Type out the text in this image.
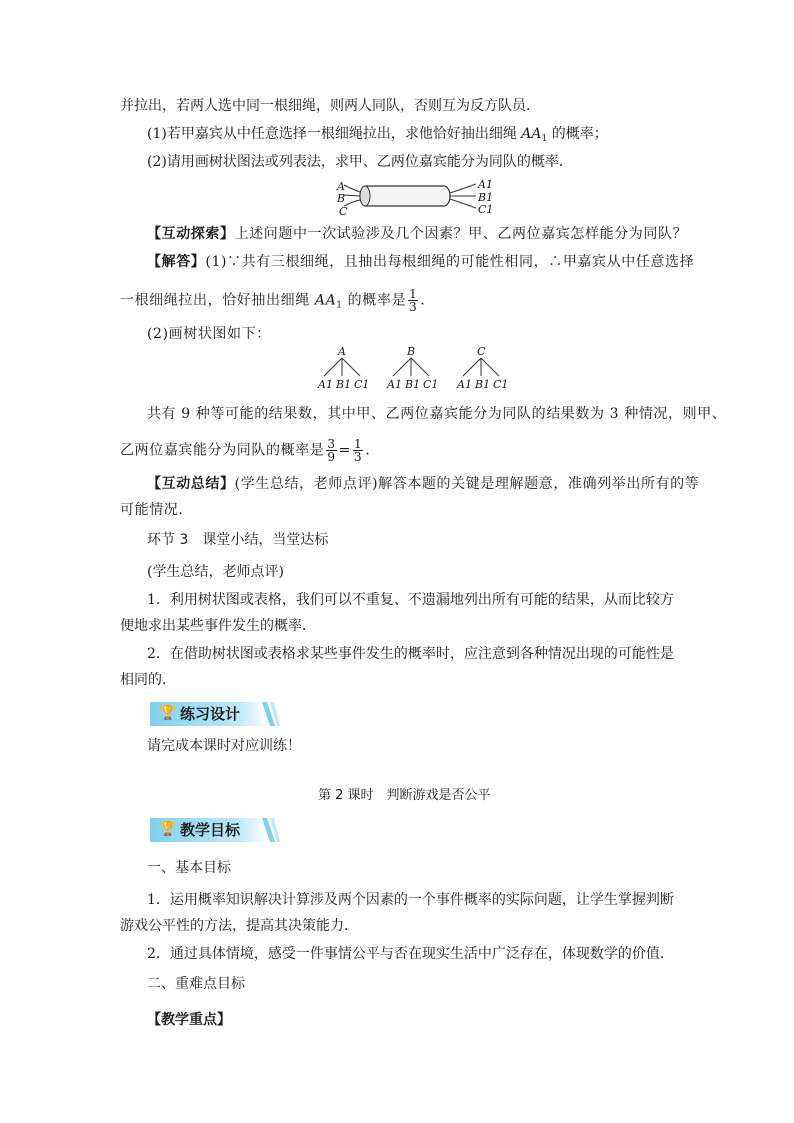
并拉出，若两人选中同一根细绳，则两人同队，否则互为反方队员．
(1)若甲嘉宾从中任意选择一根细绳拉出，求他恰好抽出细绳 $AA_1$ 的概率；
(2)请用画树状图法或列表法，求甲、乙两位嘉宾能分为同队的概率．
A
B
C
A1
B1
C1
【互动探索】上述问题中一次试验涉及几个因素？甲、乙两位嘉宾怎样能分为同队？
【解答】(1)∵共有三根细绳，且抽出每根细绳的可能性相同，∴甲嘉宾从中任意选择
一根细绳拉出，恰好抽出细绳 $AA_1$ 的概率是 $\frac{1}{3}$ .
(2)画树状图如下：
A	B	C
A1 B1 C1 A1 B1 C1 A1 B1 C1
共有 9 种等可能的结果数，其中甲、乙两位嘉宾能分为同队的结果数为 3 种情况，则甲、
乙两位嘉宾能分为同队的概率是 $\frac{3}{9} = \frac{1}{3}$ .
【互动总结】(学生总结，老师点评)解答本题的关键是理解题意，准确列举出所有的等
可能情况．
环节 3　课堂小结，当堂达标
(学生总结，老师点评)
1．利用树状图或表格，我们可以不重复、不遗漏地列出所有可能的结果，从而比较方
便地求出某些事件发生的概率．
2．在借助树状图或表格求某些事件发生的概率时，应注意到各种情况出现的可能性是
相同的．
🏆 练习设计
请完成本课时对应训练！
第 2 课时　判断游戏是否公平
🏆 教学目标
一、基本目标
1．运用概率知识解决计算涉及两个因素的一个事件概率的实际问题，让学生掌握判断
游戏公平性的方法，提高其决策能力．
2．通过具体情境，感受一件事情公平与否在现实生活中广泛存在，体现数学的价值．
二、重难点目标
【教学重点】
